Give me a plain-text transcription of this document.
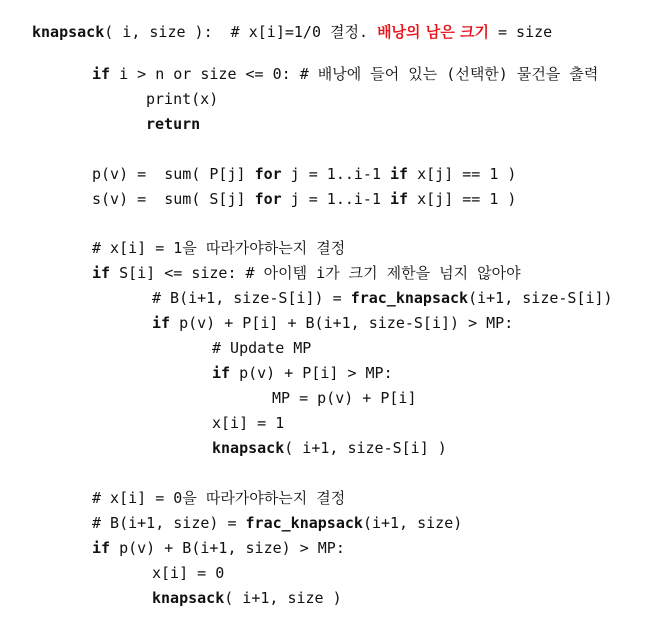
knapsack( i, size ):  # x[i]=1/0 결정. 배낭의 남은 크기 = size
if i > n or size <= 0: # 배낭에 들어 있는 (선택한) 물건을 출력
print(x)
return
p(v) =  sum( P[j] for j = 1..i-1 if x[j] == 1 )
s(v) =  sum( S[j] for j = 1..i-1 if x[j] == 1 )
# x[i] = 1을 따라가야하는지 결정
if S[i] <= size: # 아이템 i가 크기 제한을 넘지 않아야
# B(i+1, size-S[i]) = frac_knapsack(i+1, size-S[i])
if p(v) + P[i] + B(i+1, size-S[i]) > MP:
# Update MP
if p(v) + P[i] > MP:
MP = p(v) + P[i]
x[i] = 1
knapsack( i+1, size-S[i] )
# x[i] = 0을 따라가야하는지 결정
# B(i+1, size) = frac_knapsack(i+1, size)
if p(v) + B(i+1, size) > MP:
x[i] = 0
knapsack( i+1, size )
